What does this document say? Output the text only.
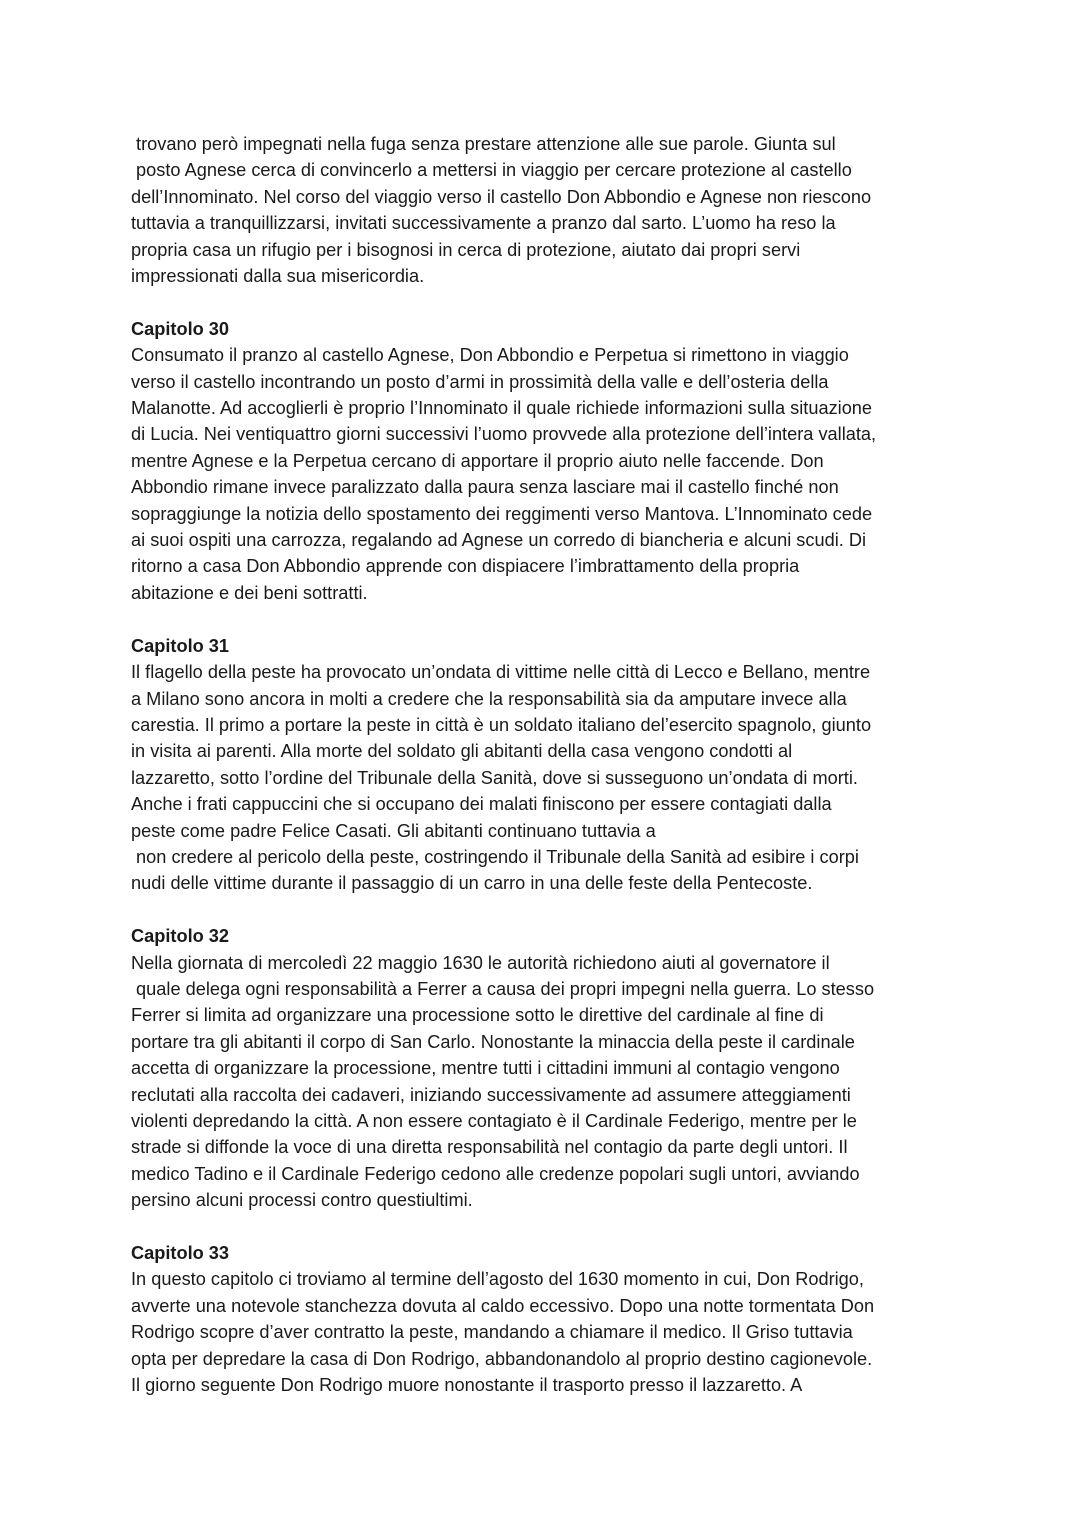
trovano però impegnati nella fuga senza prestare attenzione alle sue parole. Giunta sul
posto Agnese cerca di convincerlo a mettersi in viaggio per cercare protezione al castello
dell’Innominato. Nel corso del viaggio verso il castello Don Abbondio e Agnese non riescono
tuttavia a tranquillizzarsi, invitati successivamente a pranzo dal sarto. L’uomo ha reso la
propria casa un rifugio per i bisognosi in cerca di protezione, aiutato dai propri servi
impressionati dalla sua misericordia.
Capitolo 30
Consumato il pranzo al castello Agnese, Don Abbondio e Perpetua si rimettono in viaggio
verso il castello incontrando un posto d’armi in prossimità della valle e dell’osteria della
Malanotte. Ad accoglierli è proprio l’Innominato il quale richiede informazioni sulla situazione
di Lucia. Nei ventiquattro giorni successivi l’uomo provvede alla protezione dell’intera vallata,
mentre Agnese e la Perpetua cercano di apportare il proprio aiuto nelle faccende. Don
Abbondio rimane invece paralizzato dalla paura senza lasciare mai il castello finché non
sopraggiunge la notizia dello spostamento dei reggimenti verso Mantova. L’Innominato cede
ai suoi ospiti una carrozza, regalando ad Agnese un corredo di biancheria e alcuni scudi. Di
ritorno a casa Don Abbondio apprende con dispiacere l’imbrattamento della propria
abitazione e dei beni sottratti.
Capitolo 31
Il flagello della peste ha provocato un’ondata di vittime nelle città di Lecco e Bellano, mentre
a Milano sono ancora in molti a credere che la responsabilità sia da amputare invece alla
carestia. Il primo a portare la peste in città è un soldato italiano del’esercito spagnolo, giunto
in visita ai parenti. Alla morte del soldato gli abitanti della casa vengono condotti al
lazzaretto, sotto l’ordine del Tribunale della Sanità, dove si susseguono un’ondata di morti.
Anche i frati cappuccini che si occupano dei malati finiscono per essere contagiati dalla
peste come padre Felice Casati. Gli abitanti continuano tuttavia a
non credere al pericolo della peste, costringendo il Tribunale della Sanità ad esibire i corpi
nudi delle vittime durante il passaggio di un carro in una delle feste della Pentecoste.
Capitolo 32
Nella giornata di mercoledì 22 maggio 1630 le autorità richiedono aiuti al governatore il
quale delega ogni responsabilità a Ferrer a causa dei propri impegni nella guerra. Lo stesso
Ferrer si limita ad organizzare una processione sotto le direttive del cardinale al fine di
portare tra gli abitanti il corpo di San Carlo. Nonostante la minaccia della peste il cardinale
accetta di organizzare la processione, mentre tutti i cittadini immuni al contagio vengono
reclutati alla raccolta dei cadaveri, iniziando successivamente ad assumere atteggiamenti
violenti depredando la città. A non essere contagiato è il Cardinale Federigo, mentre per le
strade si diffonde la voce di una diretta responsabilità nel contagio da parte degli untori. Il
medico Tadino e il Cardinale Federigo cedono alle credenze popolari sugli untori, avviando
persino alcuni processi contro questiultimi.
Capitolo 33
In questo capitolo ci troviamo al termine dell’agosto del 1630 momento in cui, Don Rodrigo,
avverte una notevole stanchezza dovuta al caldo eccessivo. Dopo una notte tormentata Don
Rodrigo scopre d’aver contratto la peste, mandando a chiamare il medico. Il Griso tuttavia
opta per depredare la casa di Don Rodrigo, abbandonandolo al proprio destino cagionevole.
Il giorno seguente Don Rodrigo muore nonostante il trasporto presso il lazzaretto. A
